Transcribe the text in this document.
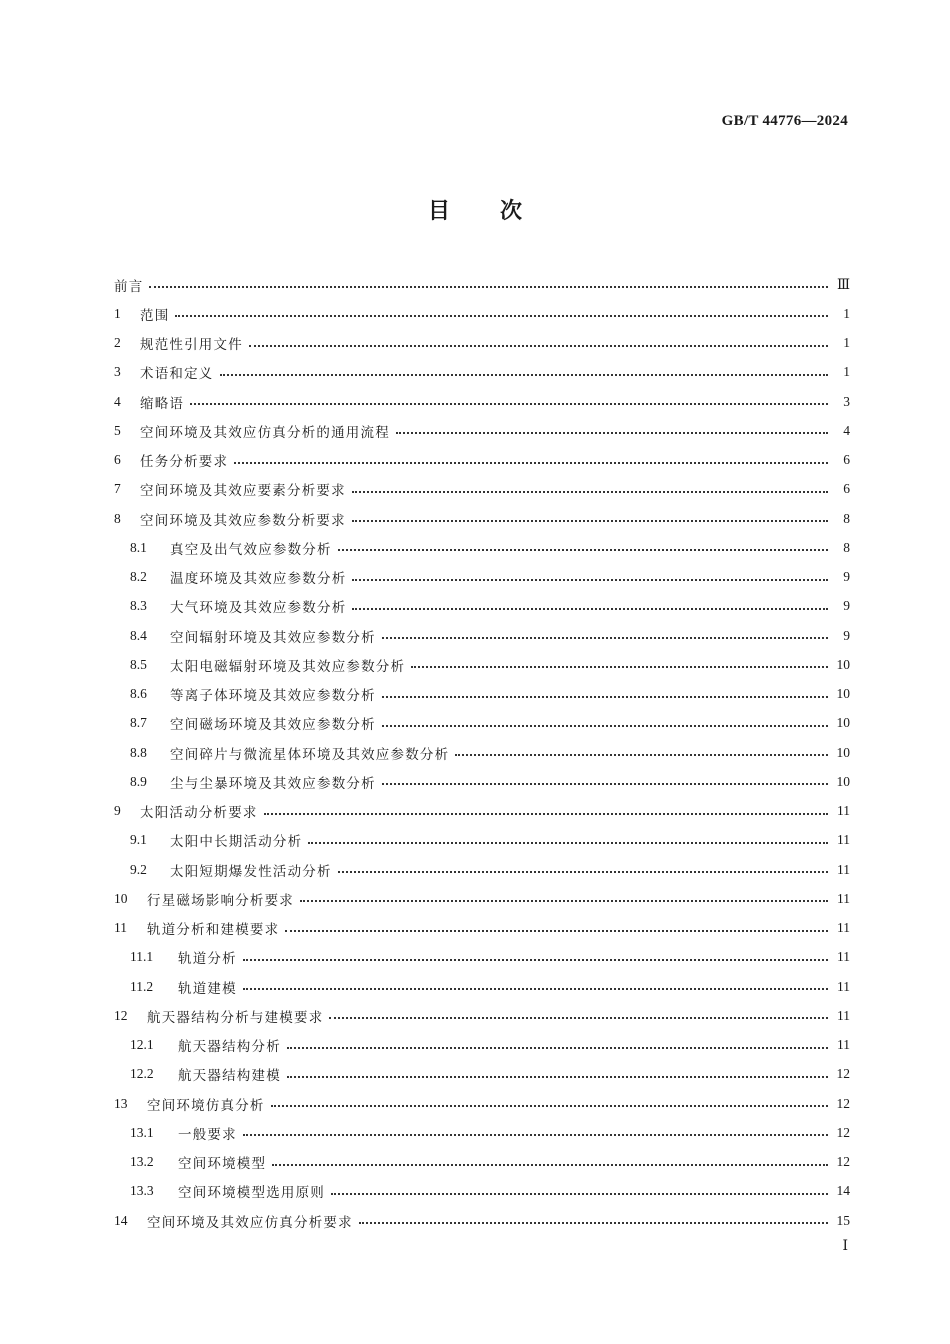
GB/T 44776—2024
目次
前言	Ⅲ
1	范围	1
2	规范性引用文件	1
3	术语和定义	1
4	缩略语	3
5	空间环境及其效应仿真分析的通用流程	4
6	任务分析要求	6
7	空间环境及其效应要素分析要求	6
8	空间环境及其效应参数分析要求	8
8.1	真空及出气效应参数分析	8
8.2	温度环境及其效应参数分析	9
8.3	大气环境及其效应参数分析	9
8.4	空间辐射环境及其效应参数分析	9
8.5	太阳电磁辐射环境及其效应参数分析	10
8.6	等离子体环境及其效应参数分析	10
8.7	空间磁场环境及其效应参数分析	10
8.8	空间碎片与微流星体环境及其效应参数分析	10
8.9	尘与尘暴环境及其效应参数分析	10
9	太阳活动分析要求	11
9.1	太阳中长期活动分析	11
9.2	太阳短期爆发性活动分析	11
10	行星磁场影响分析要求	11
11	轨道分析和建模要求	11
11.1	轨道分析	11
11.2	轨道建模	11
12	航天器结构分析与建模要求	11
12.1	航天器结构分析	11
12.2	航天器结构建模	12
13	空间环境仿真分析	12
13.1	一般要求	12
13.2	空间环境模型	12
13.3	空间环境模型选用原则	14
14	空间环境及其效应仿真分析要求	15
Ⅰ
